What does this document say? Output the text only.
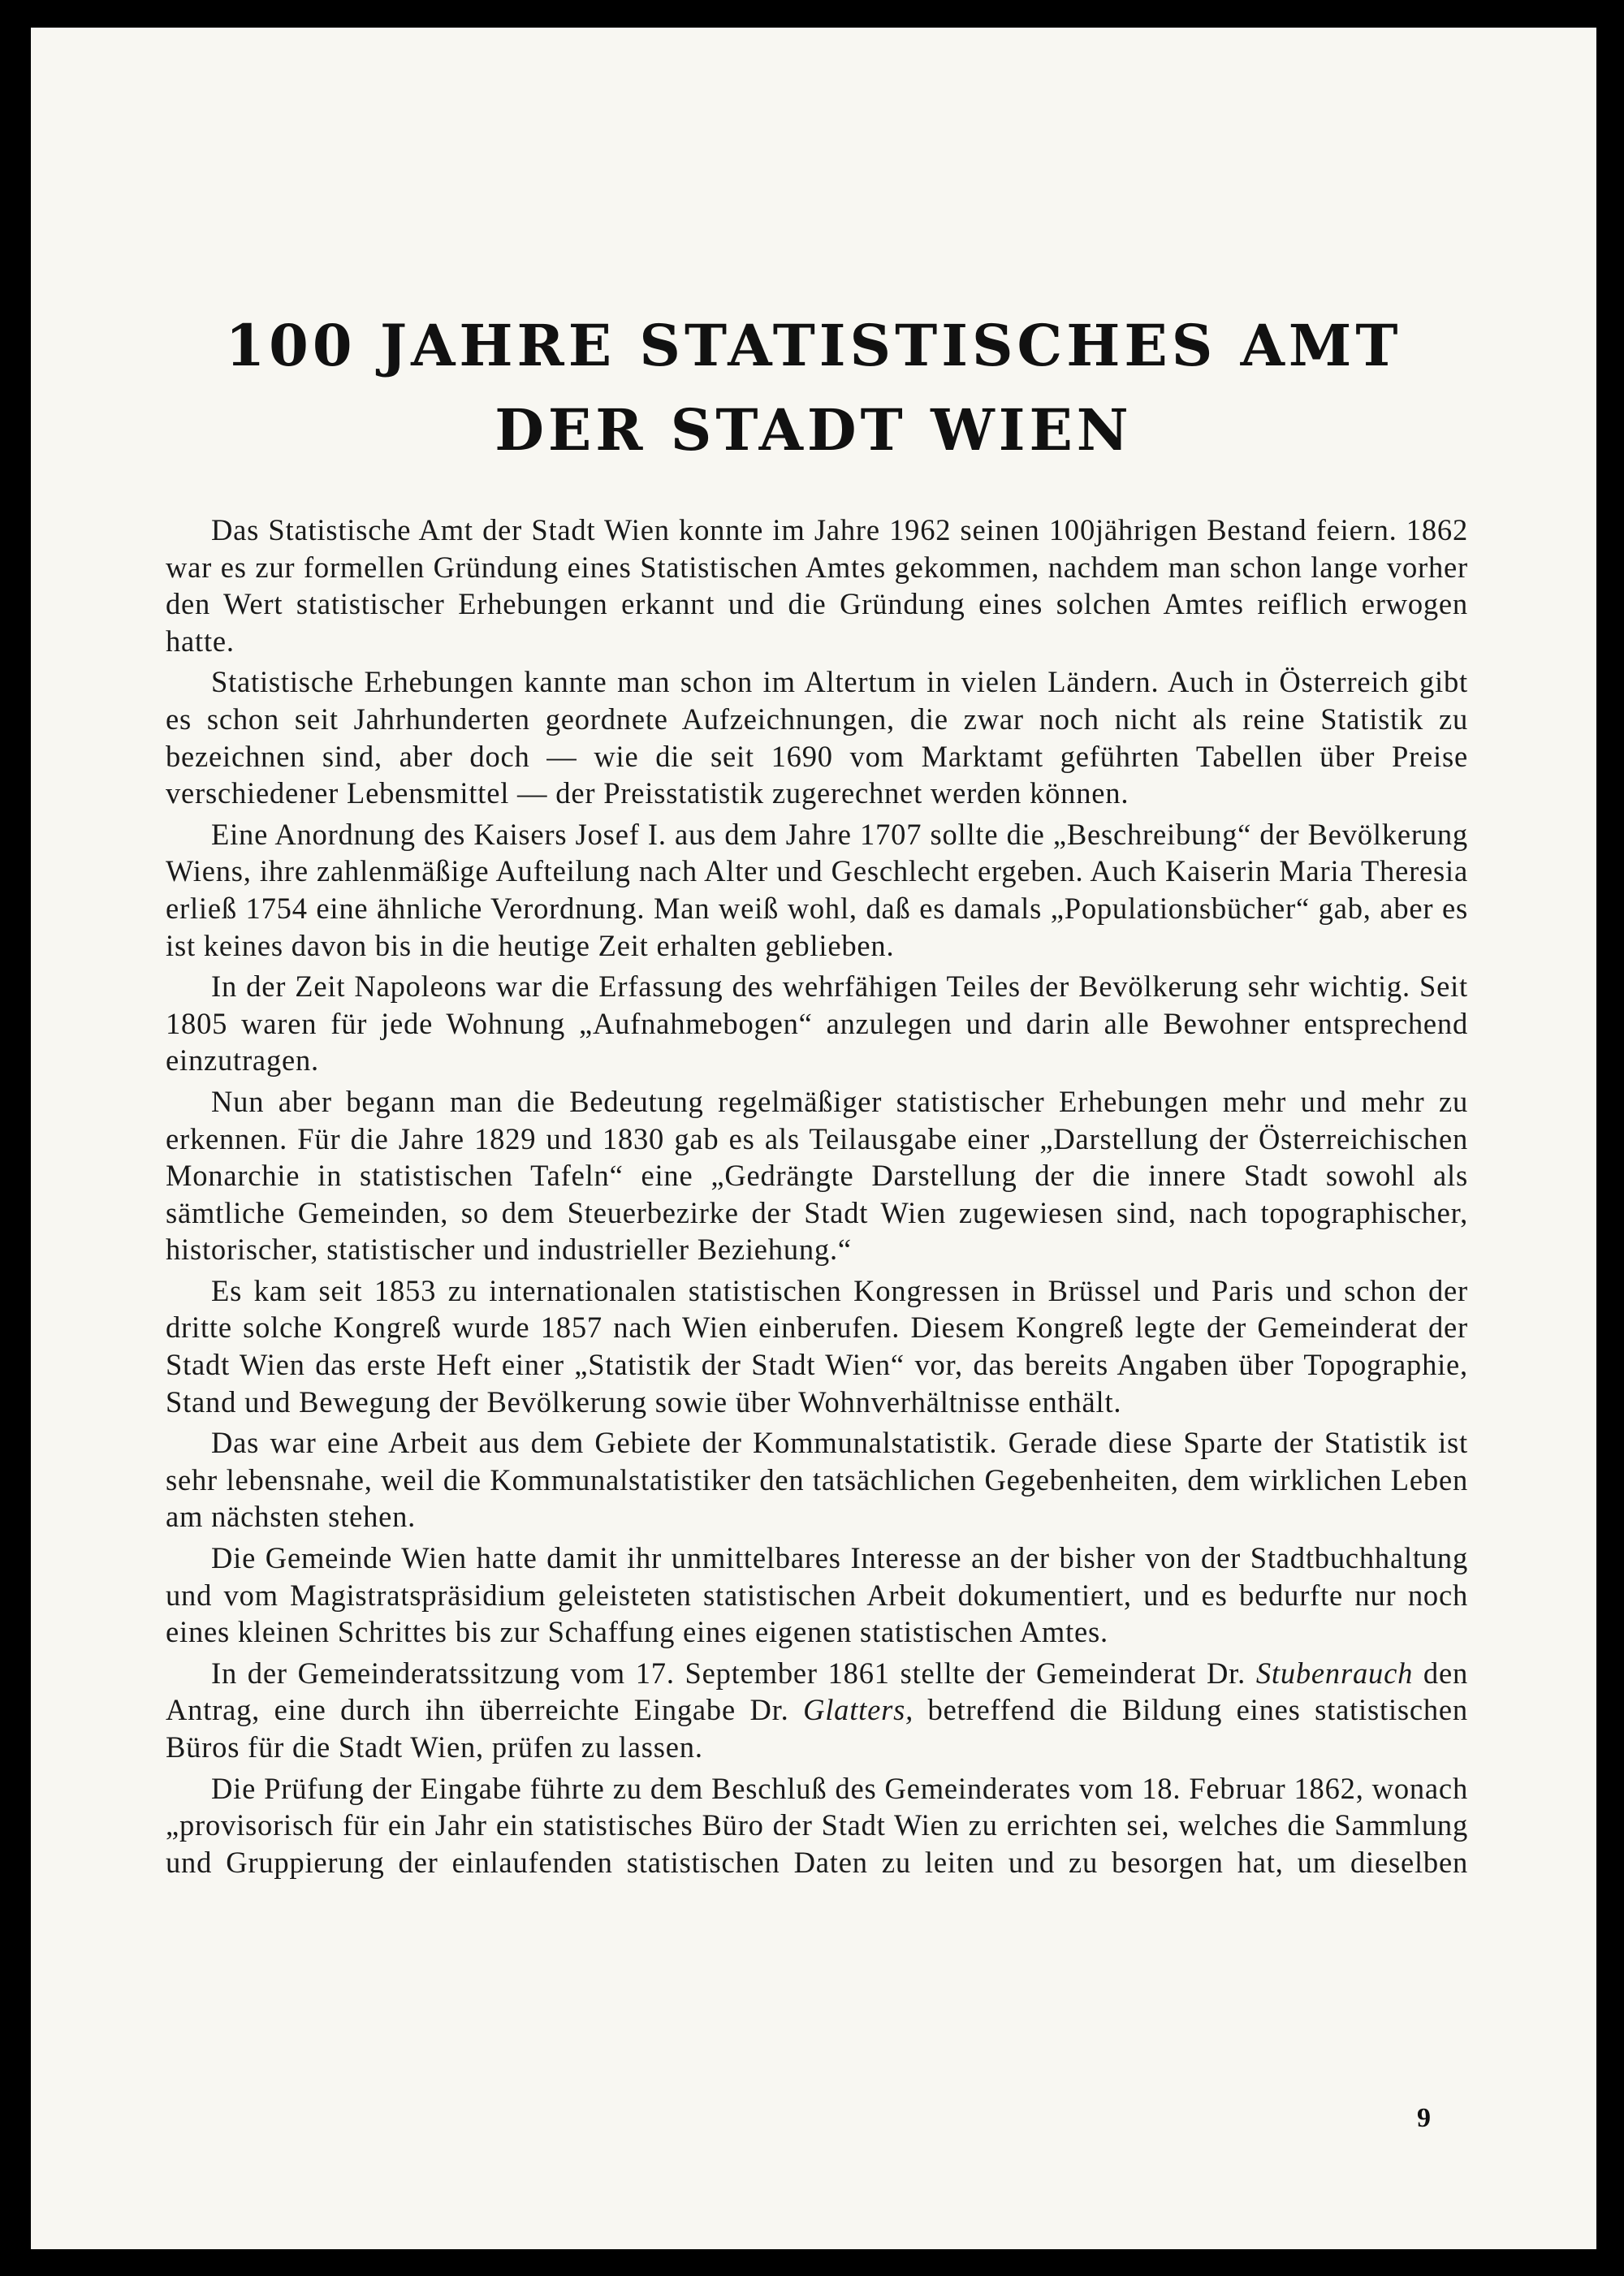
100 JAHRE STATISTISCHES AMT
DER STADT WIEN

Das Statistische Amt der Stadt Wien konnte im Jahre 1962 seinen 100jährigen Bestand feiern. 1862 war es zur formellen Gründung eines Statistischen Amtes gekommen, nachdem man schon lange vorher den Wert statistischer Erhebungen erkannt und die Gründung eines solchen Amtes reiflich erwogen hatte.

Statistische Erhebungen kannte man schon im Altertum in vielen Ländern. Auch in Österreich gibt es schon seit Jahrhunderten geordnete Aufzeichnungen, die zwar noch nicht als reine Statistik zu bezeichnen sind, aber doch — wie die seit 1690 vom Marktamt geführten Tabellen über Preise verschiedener Lebensmittel — der Preisstatistik zugerechnet werden können.

Eine Anordnung des Kaisers Josef I. aus dem Jahre 1707 sollte die „Beschreibung“ der Bevölkerung Wiens, ihre zahlenmäßige Aufteilung nach Alter und Geschlecht ergeben. Auch Kaiserin Maria Theresia erließ 1754 eine ähnliche Verordnung. Man weiß wohl, daß es damals „Populationsbücher“ gab, aber es ist keines davon bis in die heutige Zeit erhalten geblieben.

In der Zeit Napoleons war die Erfassung des wehrfähigen Teiles der Bevölkerung sehr wichtig. Seit 1805 waren für jede Wohnung „Aufnahmebogen“ anzulegen und darin alle Bewohner entsprechend einzutragen.

Nun aber begann man die Bedeutung regelmäßiger statistischer Erhebungen mehr und mehr zu erkennen. Für die Jahre 1829 und 1830 gab es als Teilausgabe einer „Darstellung der Österreichischen Monarchie in statistischen Tafeln“ eine „Gedrängte Darstellung der die innere Stadt sowohl als sämtliche Gemeinden, so dem Steuerbezirke der Stadt Wien zugewiesen sind, nach topographischer, historischer, statistischer und industrieller Beziehung.“

Es kam seit 1853 zu internationalen statistischen Kongressen in Brüssel und Paris und schon der dritte solche Kongreß wurde 1857 nach Wien einberufen. Diesem Kongreß legte der Gemeinderat der Stadt Wien das erste Heft einer „Statistik der Stadt Wien“ vor, das bereits Angaben über Topographie, Stand und Bewegung der Bevölkerung sowie über Wohnverhältnisse enthält.

Das war eine Arbeit aus dem Gebiete der Kommunalstatistik. Gerade diese Sparte der Statistik ist sehr lebensnahe, weil die Kommunalstatistiker den tatsächlichen Gegebenheiten, dem wirklichen Leben am nächsten stehen.

Die Gemeinde Wien hatte damit ihr unmittelbares Interesse an der bisher von der Stadtbuchhaltung und vom Magistratspräsidium geleisteten statistischen Arbeit dokumentiert, und es bedurfte nur noch eines kleinen Schrittes bis zur Schaffung eines eigenen statistischen Amtes.

In der Gemeinderatssitzung vom 17. September 1861 stellte der Gemeinderat Dr. Stubenrauch den Antrag, eine durch ihn überreichte Eingabe Dr. Glatters, betreffend die Bildung eines statistischen Büros für die Stadt Wien, prüfen zu lassen.

Die Prüfung der Eingabe führte zu dem Beschluß des Gemeinderates vom 18. Februar 1862, wonach „provisorisch für ein Jahr ein statistisches Büro der Stadt Wien zu errichten sei, welches die Sammlung und Gruppierung der einlaufenden statistischen Daten zu leiten und zu besorgen hat, um dieselben

9
